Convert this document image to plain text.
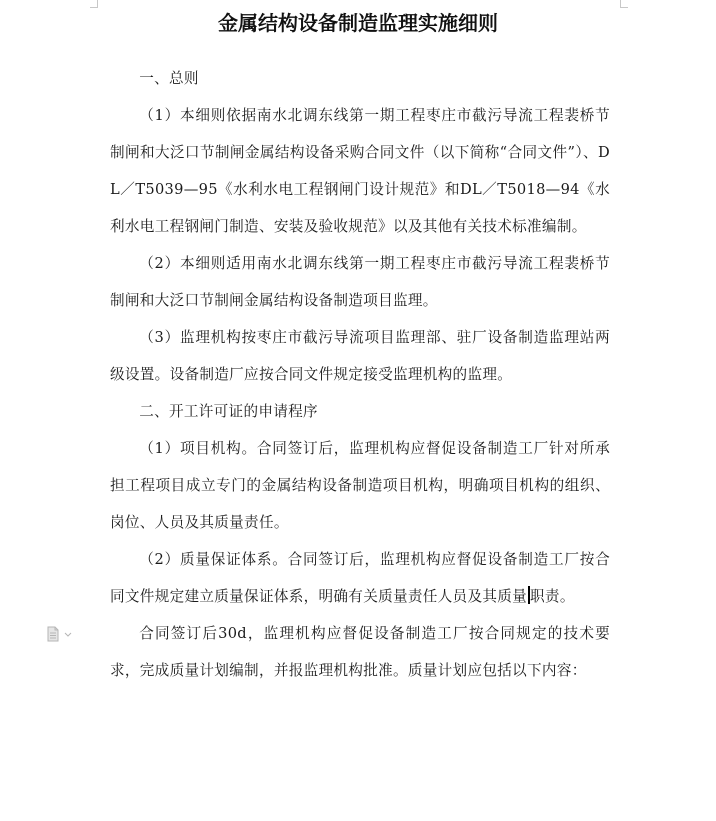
金属结构设备制造监理实施细则

一、总则

（1）本细则依据南水北调东线第一期工程枣庄市截污导流工程裴桥节制闸和大泛口节制闸金属结构设备采购合同文件（以下简称“合同文件”）、DL／T5039—95《水利水电工程钢闸门设计规范》和DL／T5018—94《水利水电工程钢闸门制造、安装及验收规范》以及其他有关技术标准编制。

（2）本细则适用南水北调东线第一期工程枣庄市截污导流工程裴桥节制闸和大泛口节制闸金属结构设备制造项目监理。

（3）监理机构按枣庄市截污导流项目监理部、驻厂设备制造监理站两级设置。设备制造厂应按合同文件规定接受监理机构的监理。

二、开工许可证的申请程序

（1）项目机构。合同签订后，监理机构应督促设备制造工厂针对所承担工程项目成立专门的金属结构设备制造项目机构，明确项目机构的组织、岗位、人员及其质量责任。

（2）质量保证体系。合同签订后，监理机构应督促设备制造工厂按合同文件规定建立质量保证体系，明确有关质量责任人员及其质量 职责。

合同签订后30d，监理机构应督促设备制造工厂按合同规定的技术要求，完成质量计划编制，并报监理机构批准。质量计划应包括以下内容：
